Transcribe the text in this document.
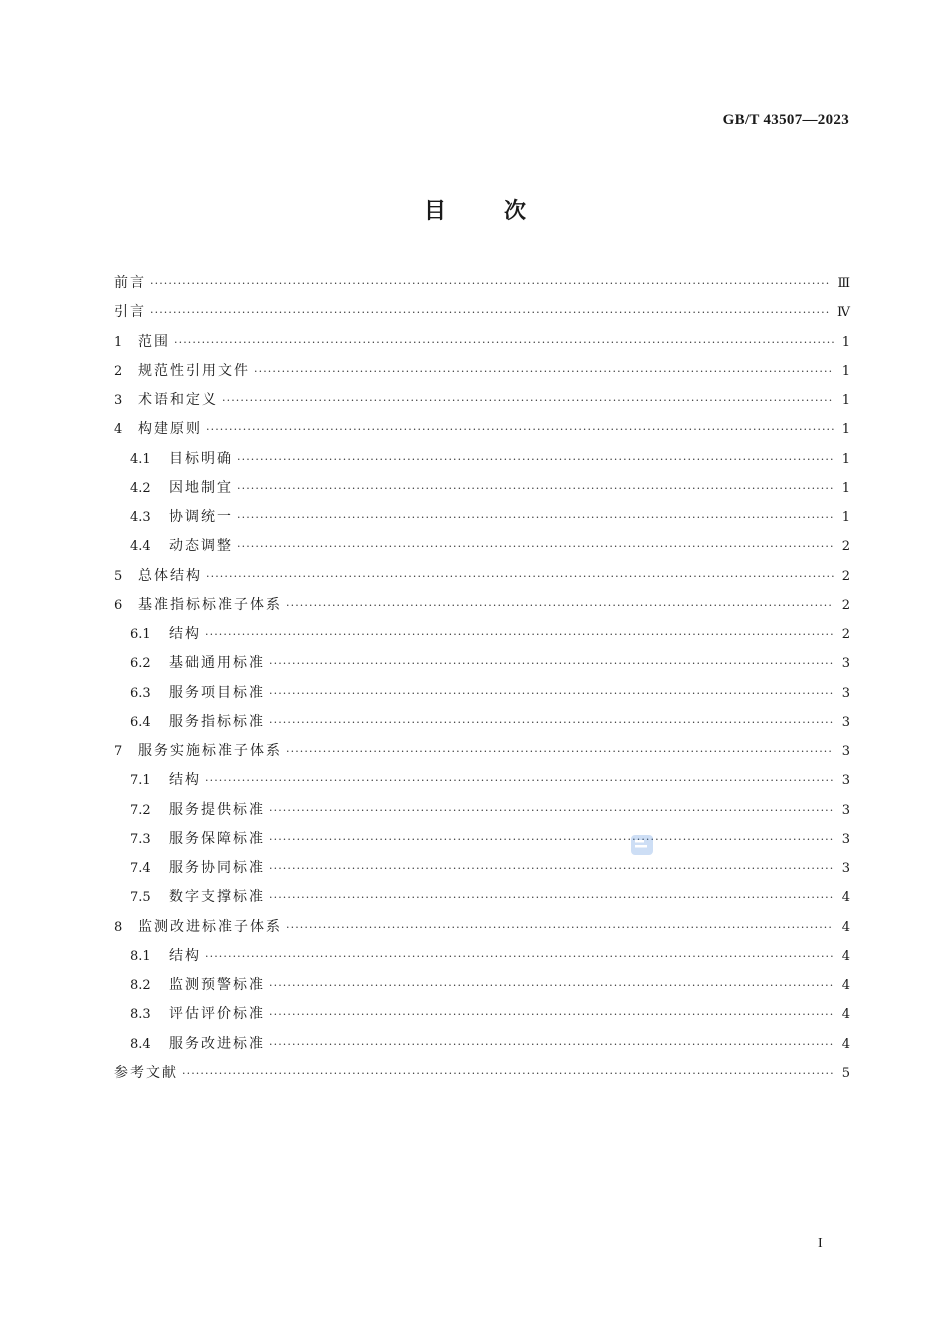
GB/T 43507—2023
目次
前言 ·····	Ⅲ
引言 ·····	Ⅳ
1	范围 ·····	1
2	规范性引用文件 ·····	1
3	术语和定义 ·····	1
4	构建原则 ·····	1
4.1	目标明确 ·····	1
4.2	因地制宜 ·····	1
4.3	协调统一 ·····	1
4.4	动态调整 ·····	2
5	总体结构 ·····	2
6	基准指标标准子体系 ·····	2
6.1	结构 ·····	2
6.2	基础通用标准 ·····	3
6.3	服务项目标准 ·····	3
6.4	服务指标标准 ·····	3
7	服务实施标准子体系 ·····	3
7.1	结构 ·····	3
7.2	服务提供标准 ·····	3
7.3	服务保障标准 ·····	3
7.4	服务协同标准 ·····	3
7.5	数字支撑标准 ·····	4
8	监测改进标准子体系 ·····	4
8.1	结构 ·····	4
8.2	监测预警标准 ·····	4
8.3	评估评价标准 ·····	4
8.4	服务改进标准 ·····	4
参考文献 ·····	5
I
